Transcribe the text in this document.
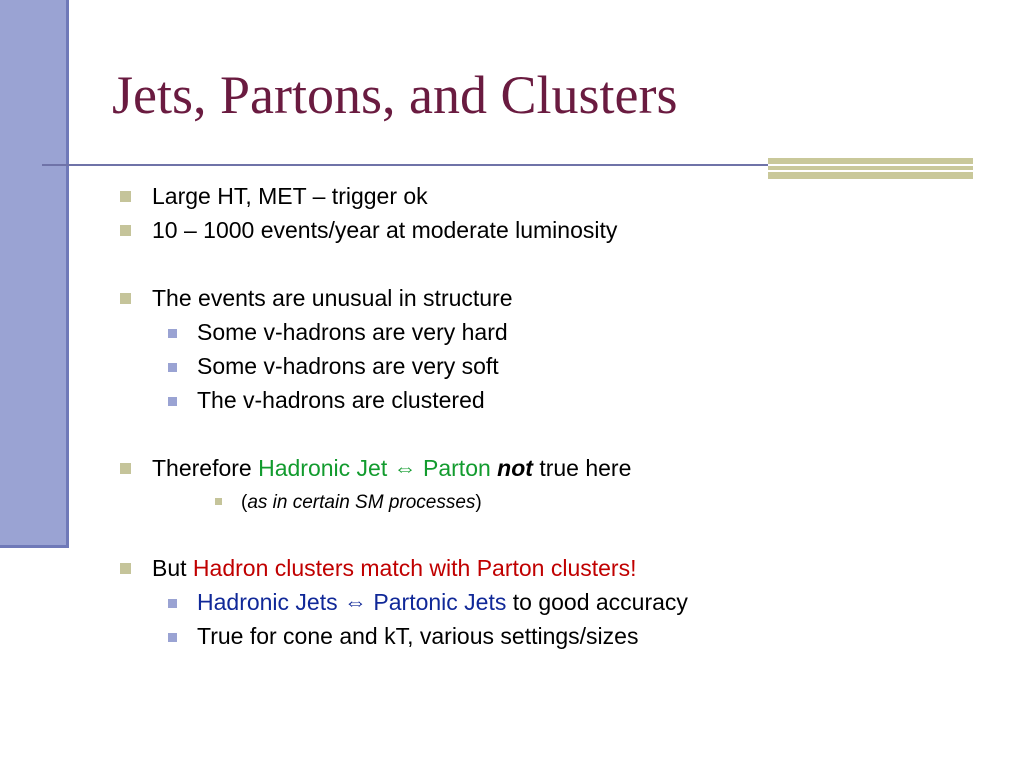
Jets, Partons, and Clusters
Large HT, MET – trigger ok
10 – 1000 events/year at moderate luminosity
The events are unusual in structure
Some v-hadrons are very hard
Some v-hadrons are very soft
The v-hadrons are clustered
Therefore Hadronic Jet ⇔ Parton not true here
(as in certain SM processes)
But Hadron clusters match with Parton clusters!
Hadronic Jets ⇔ Partonic Jets to good accuracy
True for cone and kT, various settings/sizes
